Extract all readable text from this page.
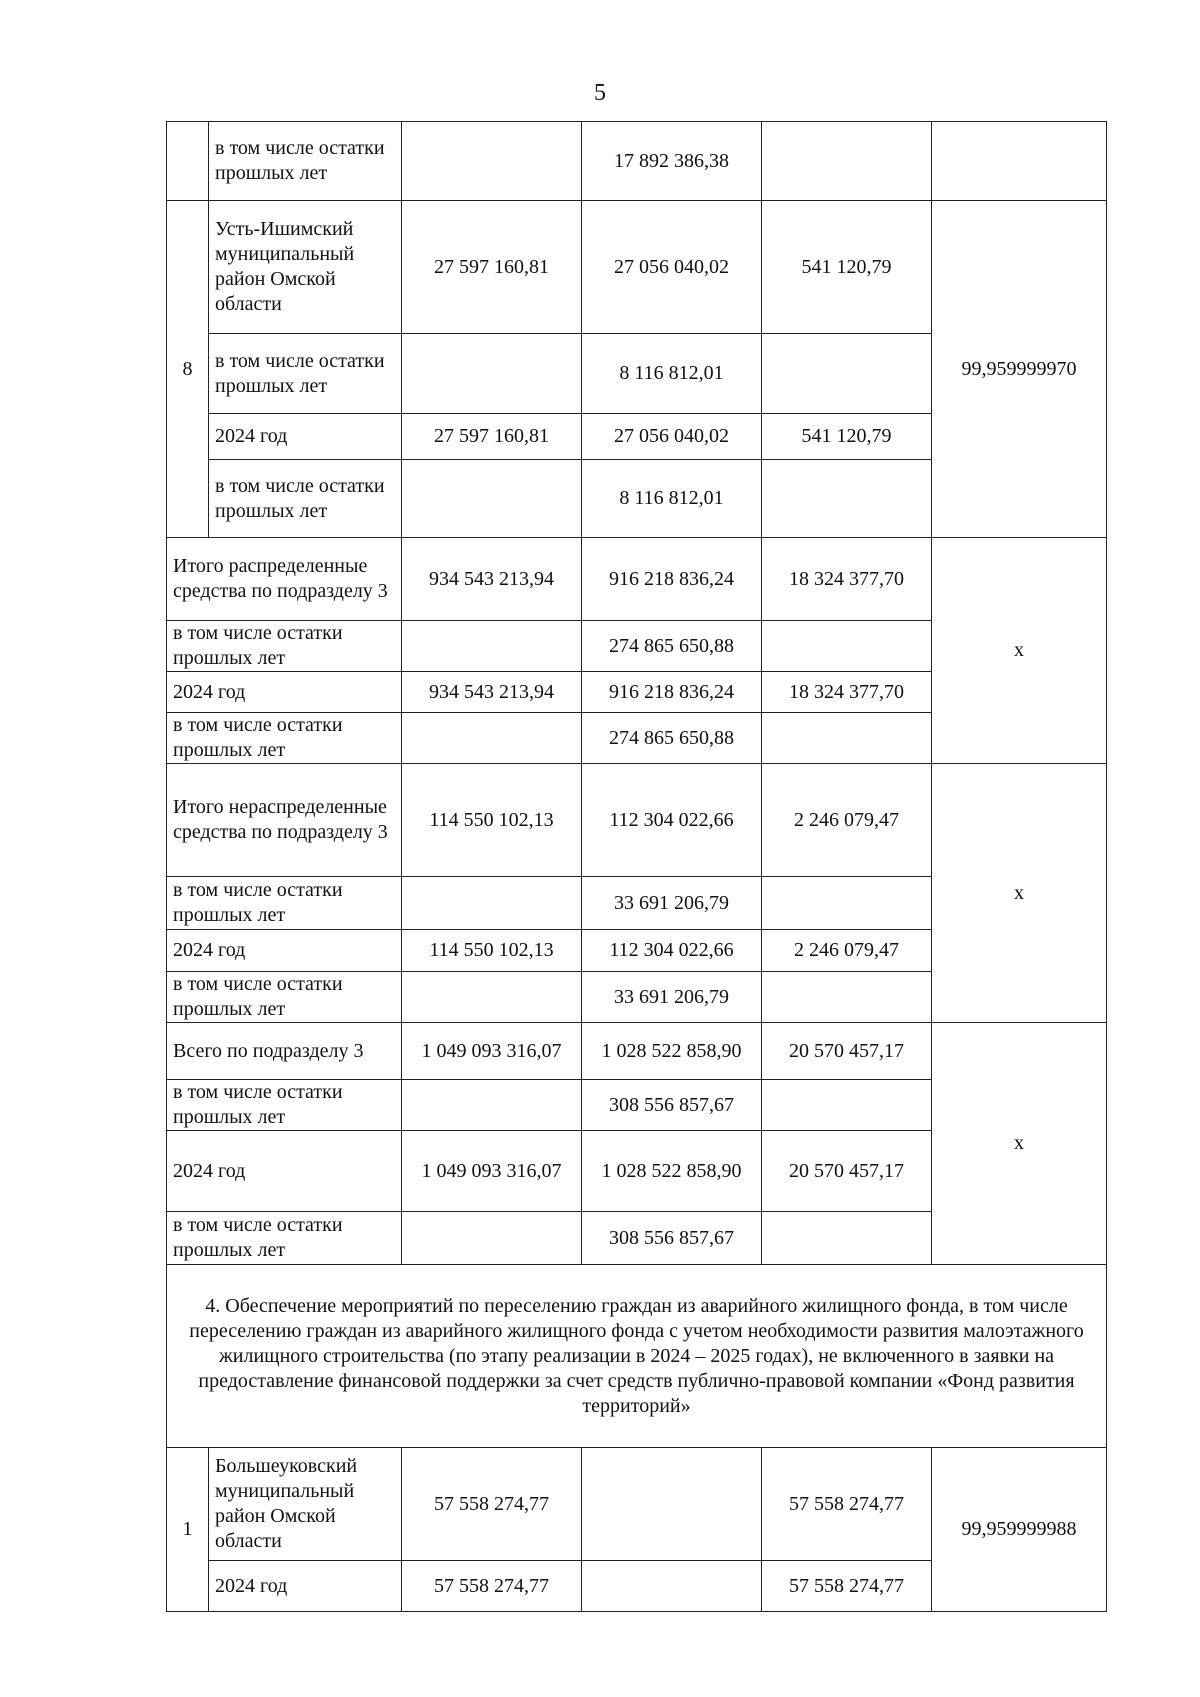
5
	в том числе остатки прошлых лет		17 892 386,38		
8	Усть-Ишимский муниципальный район Омской области	27 597 160,81	27 056 040,02	541 120,79	99,959999970
	в том числе остатки прошлых лет		8 116 812,01		
	2024 год	27 597 160,81	27 056 040,02	541 120,79	
	в том числе остатки прошлых лет		8 116 812,01		
Итого распределенные средства по подразделу 3		934 543 213,94	916 218 836,24	18 324 377,70	x
в том числе остатки прошлых лет			274 865 650,88		
2024 год		934 543 213,94	916 218 836,24	18 324 377,70	
в том числе остатки прошлых лет			274 865 650,88		
Итого нераспределенные средства по подразделу 3		114 550 102,13	112 304 022,66	2 246 079,47	x
в том числе остатки прошлых лет			33 691 206,79		
2024 год		114 550 102,13	112 304 022,66	2 246 079,47	
в том числе остатки прошлых лет			33 691 206,79		
Всего по подразделу 3		1 049 093 316,07	1 028 522 858,90	20 570 457,17	x
в том числе остатки прошлых лет			308 556 857,67		
2024 год		1 049 093 316,07	1 028 522 858,90	20 570 457,17	
в том числе остатки прошлых лет			308 556 857,67		
4. Обеспечение мероприятий по переселению граждан из аварийного жилищного фонда, в том числе переселению граждан из аварийного жилищного фонда с учетом необходимости развития малоэтажного жилищного строительства (по этапу реализации в 2024 – 2025 годах), не включенного в заявки на предоставление финансовой поддержки за счет средств публично-правовой компании «Фонд развития территорий»					
1	Большеуковский муниципальный район Омской области	57 558 274,77		57 558 274,77	99,959999988
	2024 год	57 558 274,77		57 558 274,77	
